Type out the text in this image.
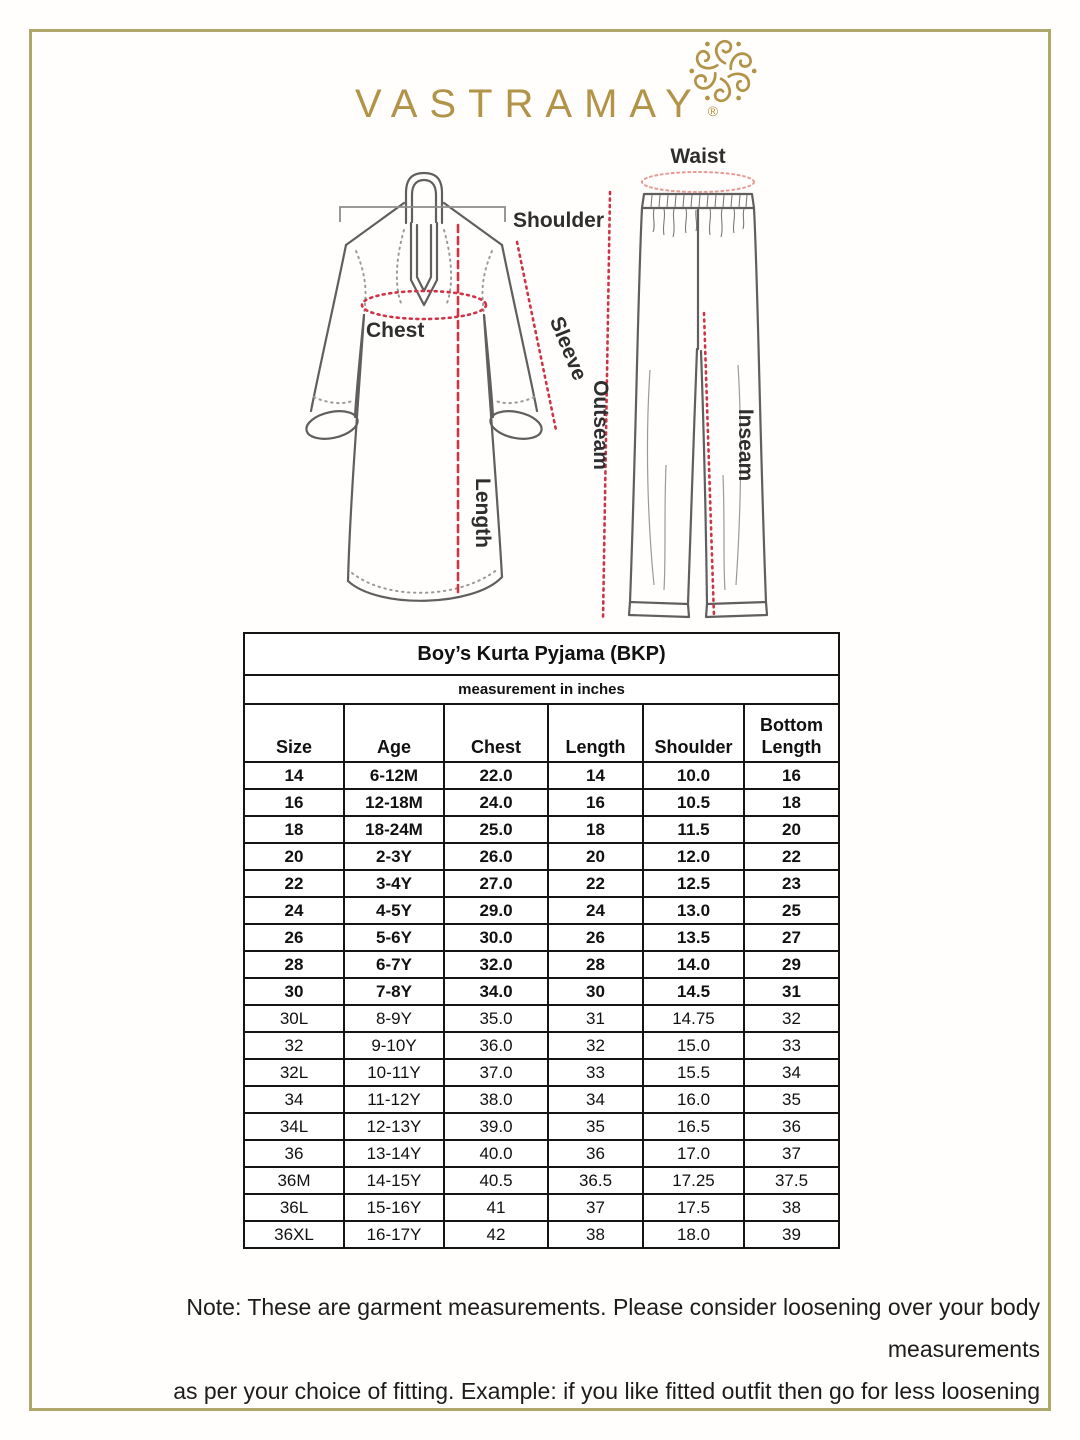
VASTRAMAY ®
Shoulder
Chest
Length
Sleeve
Waist
Outseam	Inseam
Boy’s Kurta Pyjama (BKP)					
measurement in inches					
Size	Age	Chest	Length	Shoulder	Bottom Length
14	6-12M	22.0	14	10.0	16
16	12-18M	24.0	16	10.5	18
18	18-24M	25.0	18	11.5	20
20	2-3Y	26.0	20	12.0	22
22	3-4Y	27.0	22	12.5	23
24	4-5Y	29.0	24	13.0	25
26	5-6Y	30.0	26	13.5	27
28	6-7Y	32.0	28	14.0	29
30	7-8Y	34.0	30	14.5	31
30L	8-9Y	35.0	31	14.75	32
32	9-10Y	36.0	32	15.0	33
32L	10-11Y	37.0	33	15.5	34
34	11-12Y	38.0	34	16.0	35
34L	12-13Y	39.0	35	16.5	36
36	13-14Y	40.0	36	17.0	37
36M	14-15Y	40.5	36.5	17.25	37.5
36L	15-16Y	41	37	17.5	38
36XL	16-17Y	42	38	18.0	39
Note: These are garment measurements. Please consider loosening over your body measurements
as per your choice of fitting. Example: if you like fitted outfit then go for less loosening
